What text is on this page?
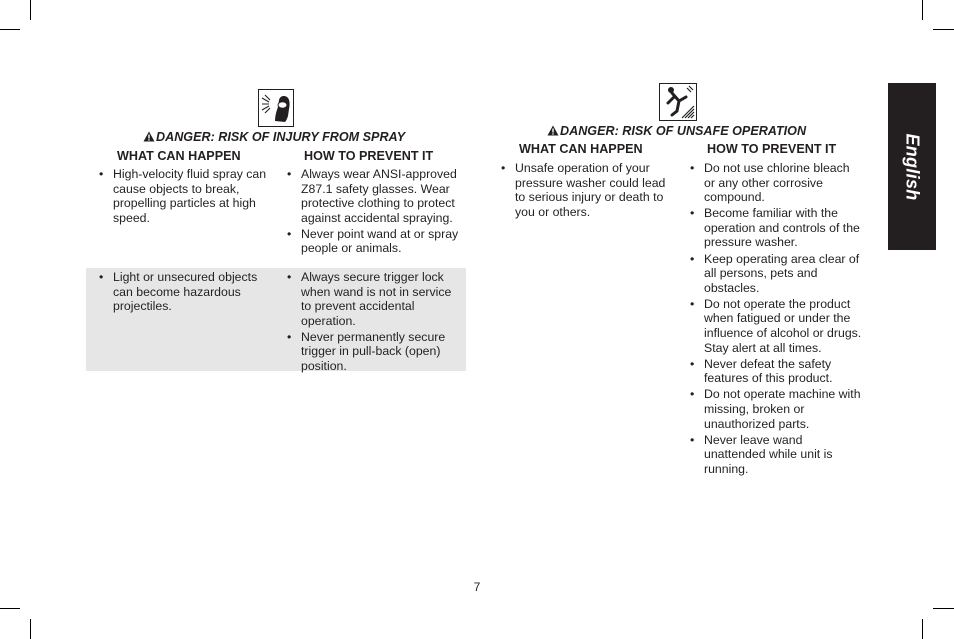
DANGER: RISK OF INJURY FROM SPRAY
WHAT CAN HAPPEN	HOW TO PREVENT IT
• High-velocity fluid spray can cause objects to break, propelling particles at high speed.
• Always wear ANSI-approved Z87.1 safety glasses. Wear protective clothing to protect against accidental spraying.
• Never point wand at or spray people or animals.
• Light or unsecured objects can become hazardous projectiles.
• Always secure trigger lock when wand is not in service to prevent accidental operation.
• Never permanently secure trigger in pull-back (open) position.
DANGER: RISK OF UNSAFE OPERATION
WHAT CAN HAPPEN	HOW TO PREVENT IT
• Unsafe operation of your pressure washer could lead to serious injury or death to you or others.
• Do not use chlorine bleach or any other corrosive compound.
• Become familiar with the operation and controls of the pressure washer.
• Keep operating area clear of all persons, pets and obstacles.
• Do not operate the product when fatigued or under the influence of alcohol or drugs. Stay alert at all times.
• Never defeat the safety features of this product.
• Do not operate machine with missing, broken or unauthorized parts.
• Never leave wand unattended while unit is running.
English
7
